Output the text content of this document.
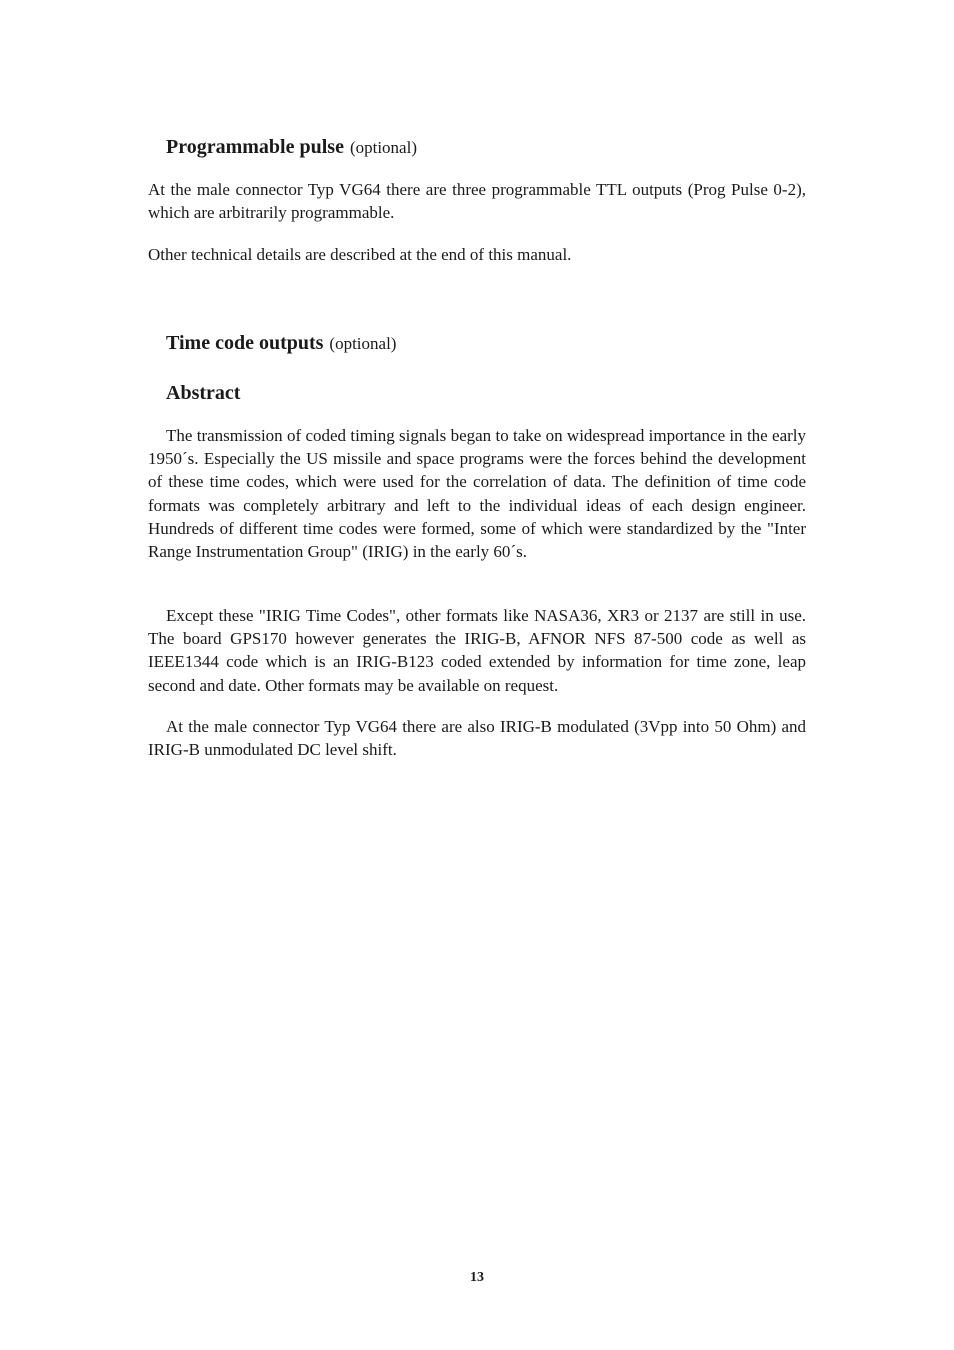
Programmable pulse (optional)

At the male connector Typ VG64 there are three programmable TTL outputs (Prog Pulse 0-2), which are arbitrarily programmable.

Other technical details are described at the end of this manual.

Time code outputs (optional)
Abstract

The transmission of coded timing signals began to take on widespread importance in the early 1950´s. Especially the US missile and space programs were the forces behind the development of these time codes, which were used for the correlation of data. The definition of time code formats was completely arbitrary and left to the individual ideas of each design engineer. Hundreds of different time codes were formed, some of which were standardized by the "Inter Range Instrumentation Group" (IRIG) in the early 60´s.

Except these "IRIG Time Codes", other formats like NASA36, XR3 or 2137 are still in use. The board GPS170 however generates the IRIG-B, AFNOR NFS 87-500 code as well as IEEE1344 code which is an IRIG-B123 coded extended by information for time zone, leap second and date. Other formats may be available on request.

At the male connector Typ VG64 there are also IRIG-B modulated (3Vpp into 50 Ohm) and IRIG-B unmodulated DC level shift.

13
